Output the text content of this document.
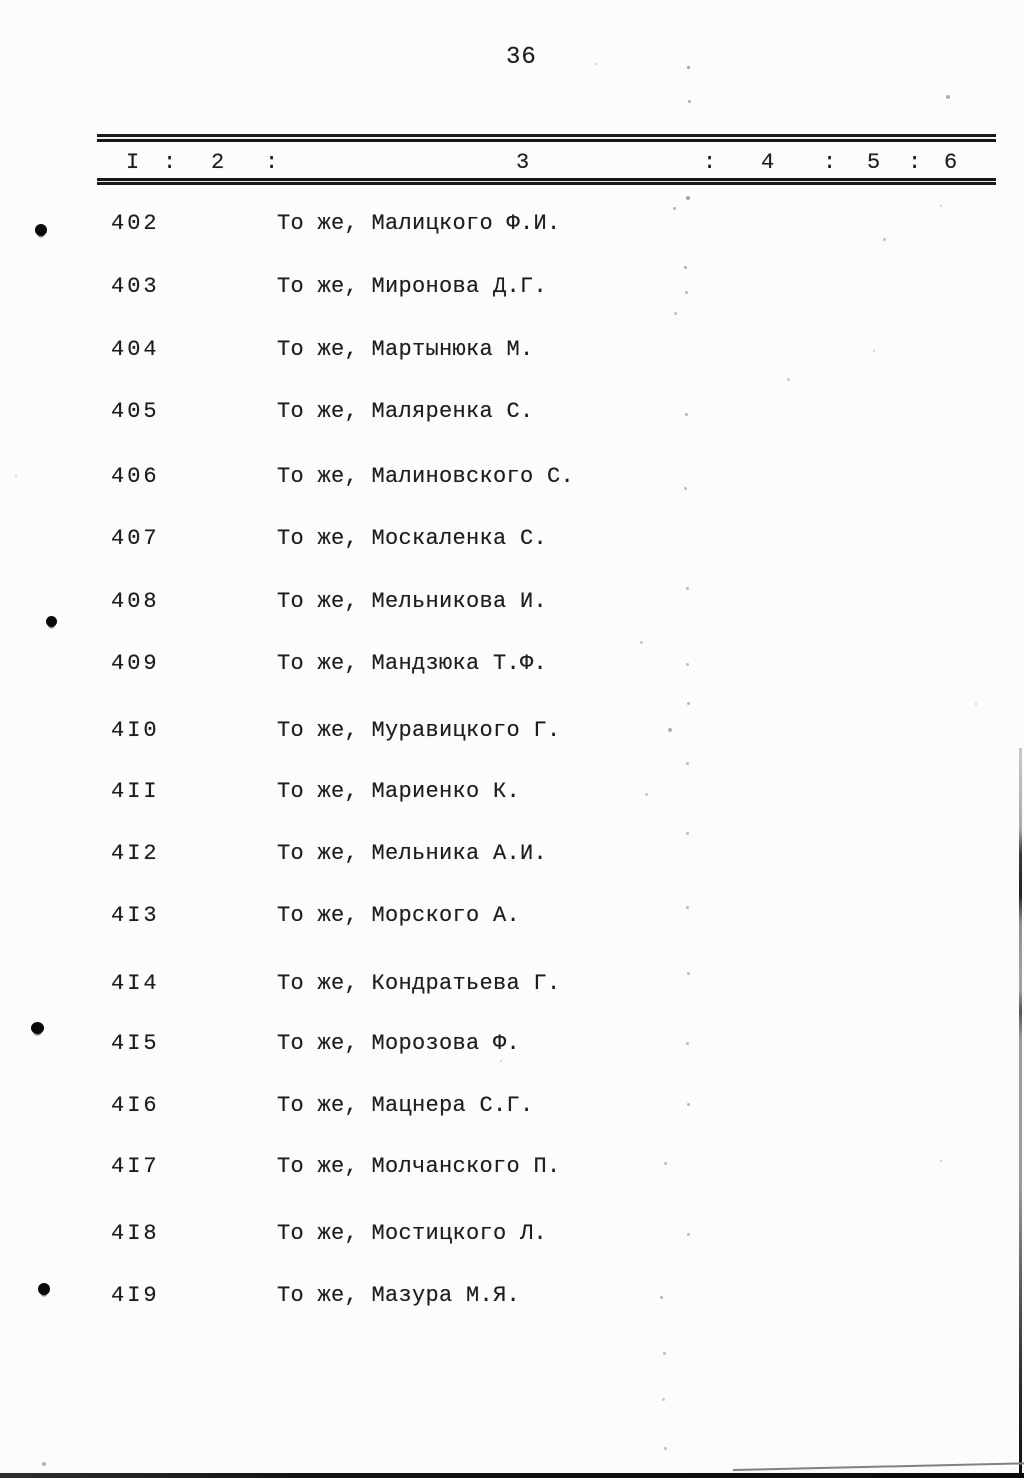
36
I : 2 :	3	: 4 : 5 : 6
402	То же, Малицкого Ф.И.
403	То же, Миронова Д.Г.
404	То же, Мартынюка М.
405	То же, Маляренка С.
406	То же, Малиновского С.
407	То же, Москаленка С.
408	То же, Мельникова И.
409	То же, Мандзюка Т.Ф.
4I0	То же, Муравицкого Г.
4II	То же, Мариенко К.
4I2	То же, Мельника А.И.
4I3	То же, Морского А.
4I4	То же, Кондратьева Г.
4I5	То же, Морозова Ф.
4I6	То же, Мацнера С.Г.
4I7	То же, Молчанского П.
4I8	То же, Мостицкого Л.
4I9	То же, Мазура М.Я.
